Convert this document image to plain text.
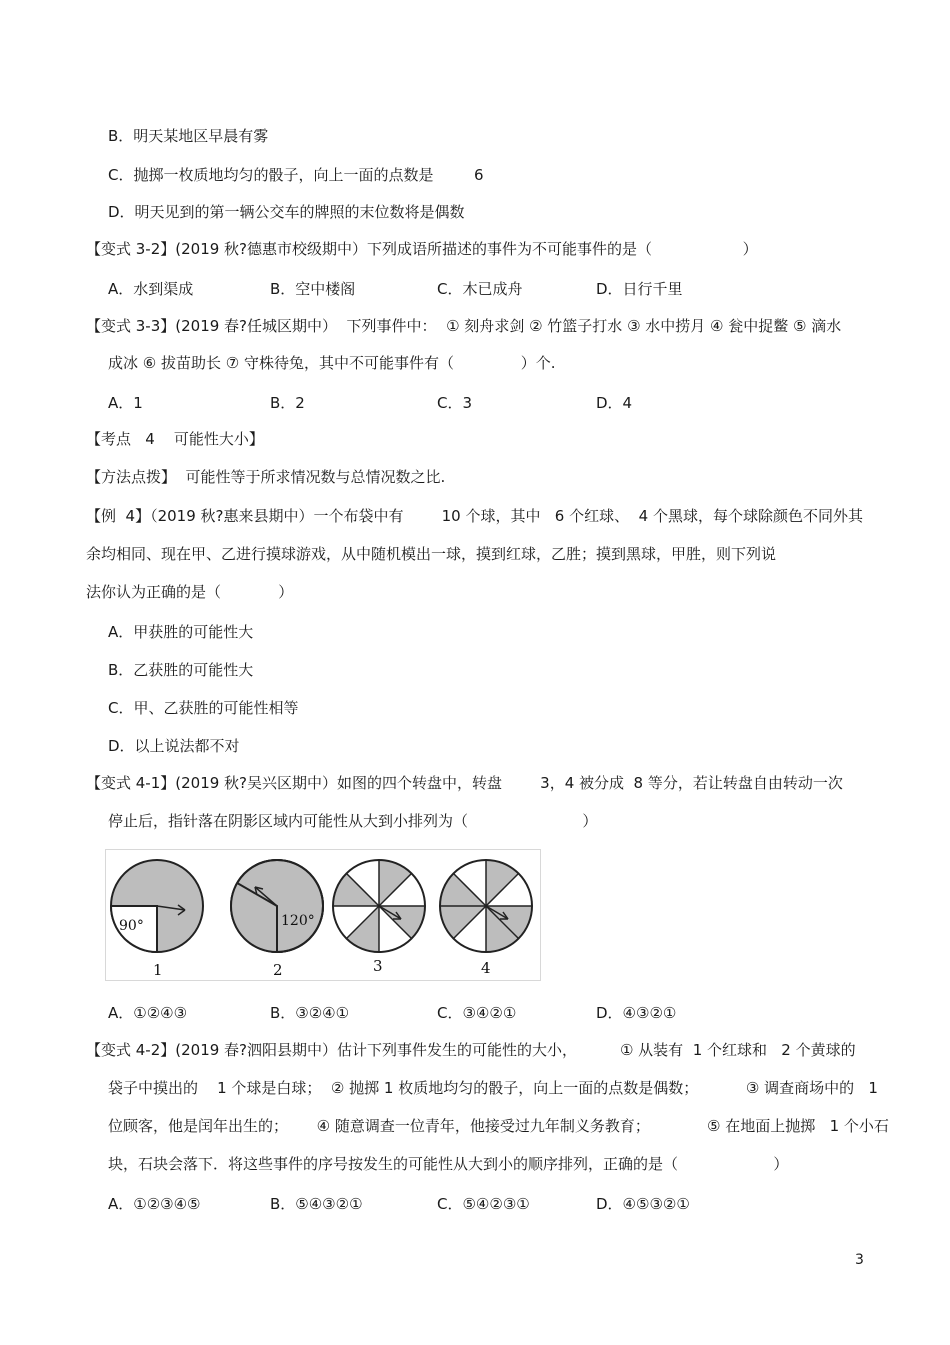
B．明天某地区早晨有雾
C．抛掷一枚质地均匀的骰子，向上一面的点数是	6
D．明天见到的第一辆公交车的牌照的末位数将是偶数
【变式 3-2】(2019 秋?德惠市校级期中）下列成语所描述的事件为不可能事件的是（                   ）
A．水到渠成	B．空中楼阁	C．木已成舟	D．日行千里
【变式 3-3】(2019 春?任城区期中）  下列事件中：  ① 刻舟求剑 ② 竹篮子打水 ③ 水中捞月 ④ 瓮中捉鳖 ⑤ 滴水
成冰 ⑥ 拔苗助长 ⑦ 守株待兔，其中不可能事件有（              ）个.
A．1	B．2	C．3	D．4
【考点   4    可能性大小】
【方法点拨】  可能性等于所求情况数与总情况数之比.
【例  4】（2019 秋?惠来县期中）一个布袋中有        10 个球，其中   6 个红球、  4 个黑球，每个球除颜色不同外其
余均相同、现在甲、乙进行摸球游戏，从中随机模出一球，摸到红球，乙胜；摸到黑球，甲胜，则下列说
法你认为正确的是（            ）
A．甲获胜的可能性大
B．乙获胜的可能性大
C．甲、乙获胜的可能性相等
D．以上说法都不对
【变式 4-1】(2019 秋?吴兴区期中）如图的四个转盘中，转盘        3，4 被分成  8 等分，若让转盘自由转动一次
停止后，指针落在阴影区域内可能性从大到小排列为（                        ）
90°	120°
1	2	3	4
A．①②④③	B．③②④①	C．③④②①	D．④③②①
【变式 4-2】(2019 春?泗阳县期中）估计下列事件发生的可能性的大小，         ① 从装有  1 个红球和   2 个黄球的
袋子中摸出的    1 个球是白球；  ② 抛掷 1 枚质地均匀的骰子，向上一面的点数是偶数；          ③ 调查商场中的   1
位顾客，他是闰年出生的；      ④ 随意调查一位青年，他接受过九年制义务教育；            ⑤ 在地面上抛掷   1 个小石
块，石块会落下．将这些事件的序号按发生的可能性从大到小的顺序排列，正确的是（                    ）
A．①②③④⑤	B．⑤④③②①	C．⑤④②③①	D．④⑤③②①
3
